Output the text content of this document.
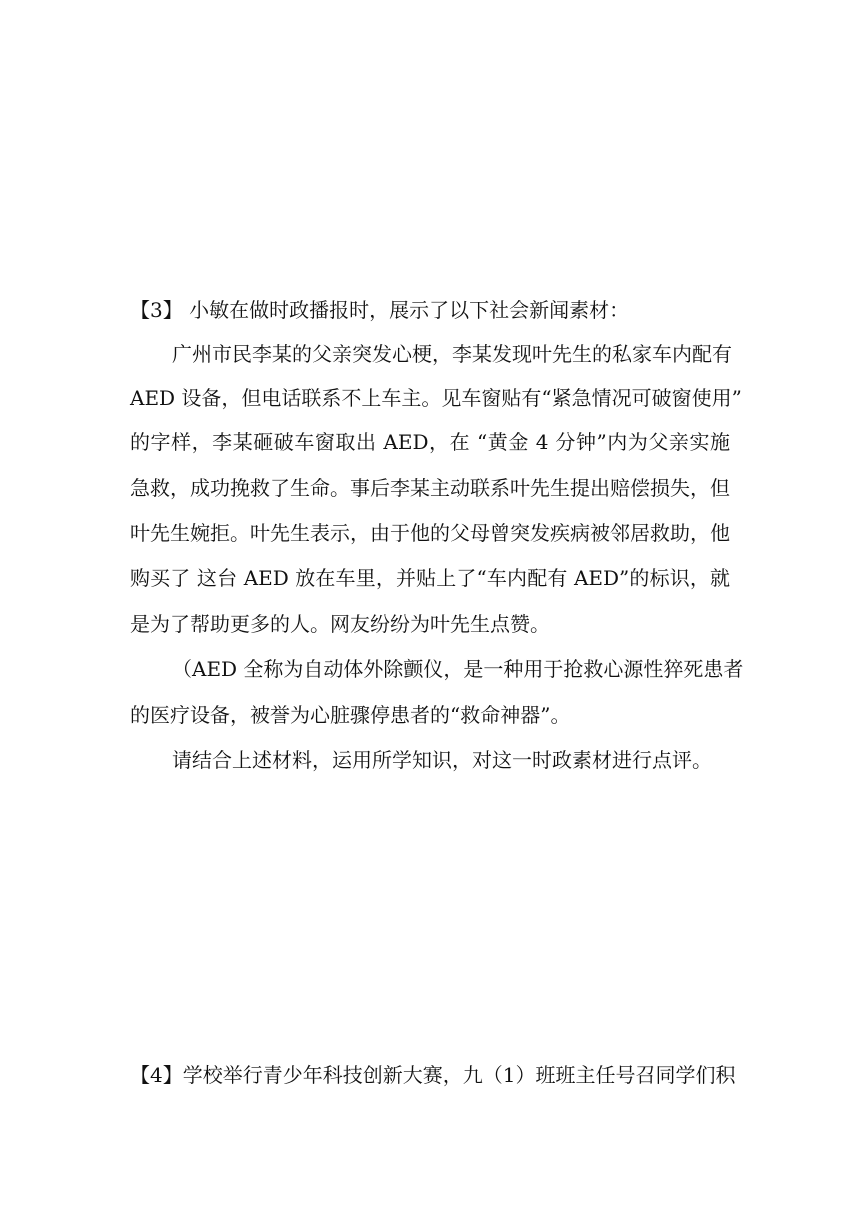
【3】 小敏在做时政播报时，展示了以下社会新闻素材：
广州市民李某的父亲突发心梗，李某发现叶先生的私家车内配有
AED 设备，但电话联系不上车主。见车窗贴有“紧急情况可破窗使用”
的字样，李某砸破车窗取出 AED，在 “黄金 4 分钟”内为父亲实施
急救，成功挽救了生命。事后李某主动联系叶先生提出赔偿损失，但
叶先生婉拒。叶先生表示，由于他的父母曾突发疾病被邻居救助，他
购买了 这台 AED 放在车里，并贴上了“车内配有 AED”的标识，就
是为了帮助更多的人。网友纷纷为叶先生点赞。
（AED 全称为自动体外除颤仪，是一种用于抢救心源性猝死患者
的医疗设备，被誉为心脏骤停患者的“救命神器”。
请结合上述材料，运用所学知识，对这一时政素材进行点评。
【4】学校举行青少年科技创新大赛，九（1）班班主任号召同学们积
